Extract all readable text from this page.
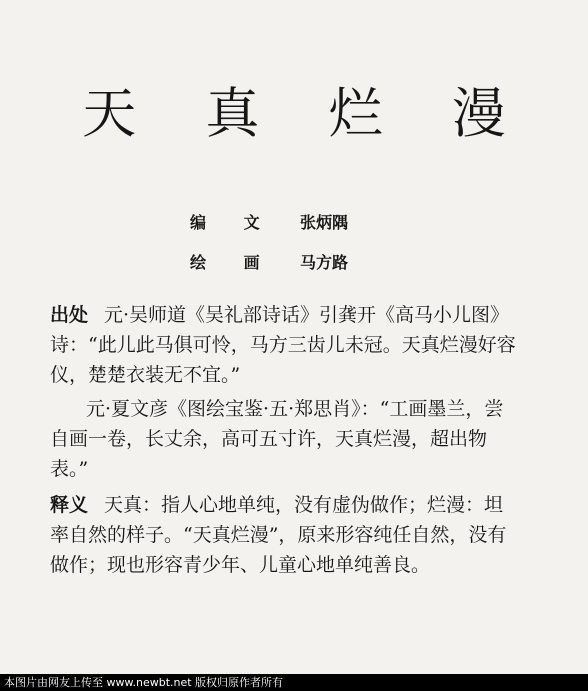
天 真 烂 漫
编 文 张炳隅
绘 画 马方路
出处 元·吴师道《吴礼部诗话》引龚开《高马小儿图》诗：“此儿此马俱可怜，马方三齿儿未冠。天真烂漫好容仪，楚楚衣装无不宜。”
元·夏文彦《图绘宝鉴·五·郑思肖》：“工画墨兰，尝自画一卷，长丈余，高可五寸许，天真烂漫，超出物表。”
释义 天真：指人心地单纯，没有虚伪做作；烂漫：坦率自然的样子。“天真烂漫”，原来形容纯任自然，没有做作；现也形容青少年、儿童心地单纯善良。
本图片由网友上传至 www.newbt.net 版权归原作者所有
